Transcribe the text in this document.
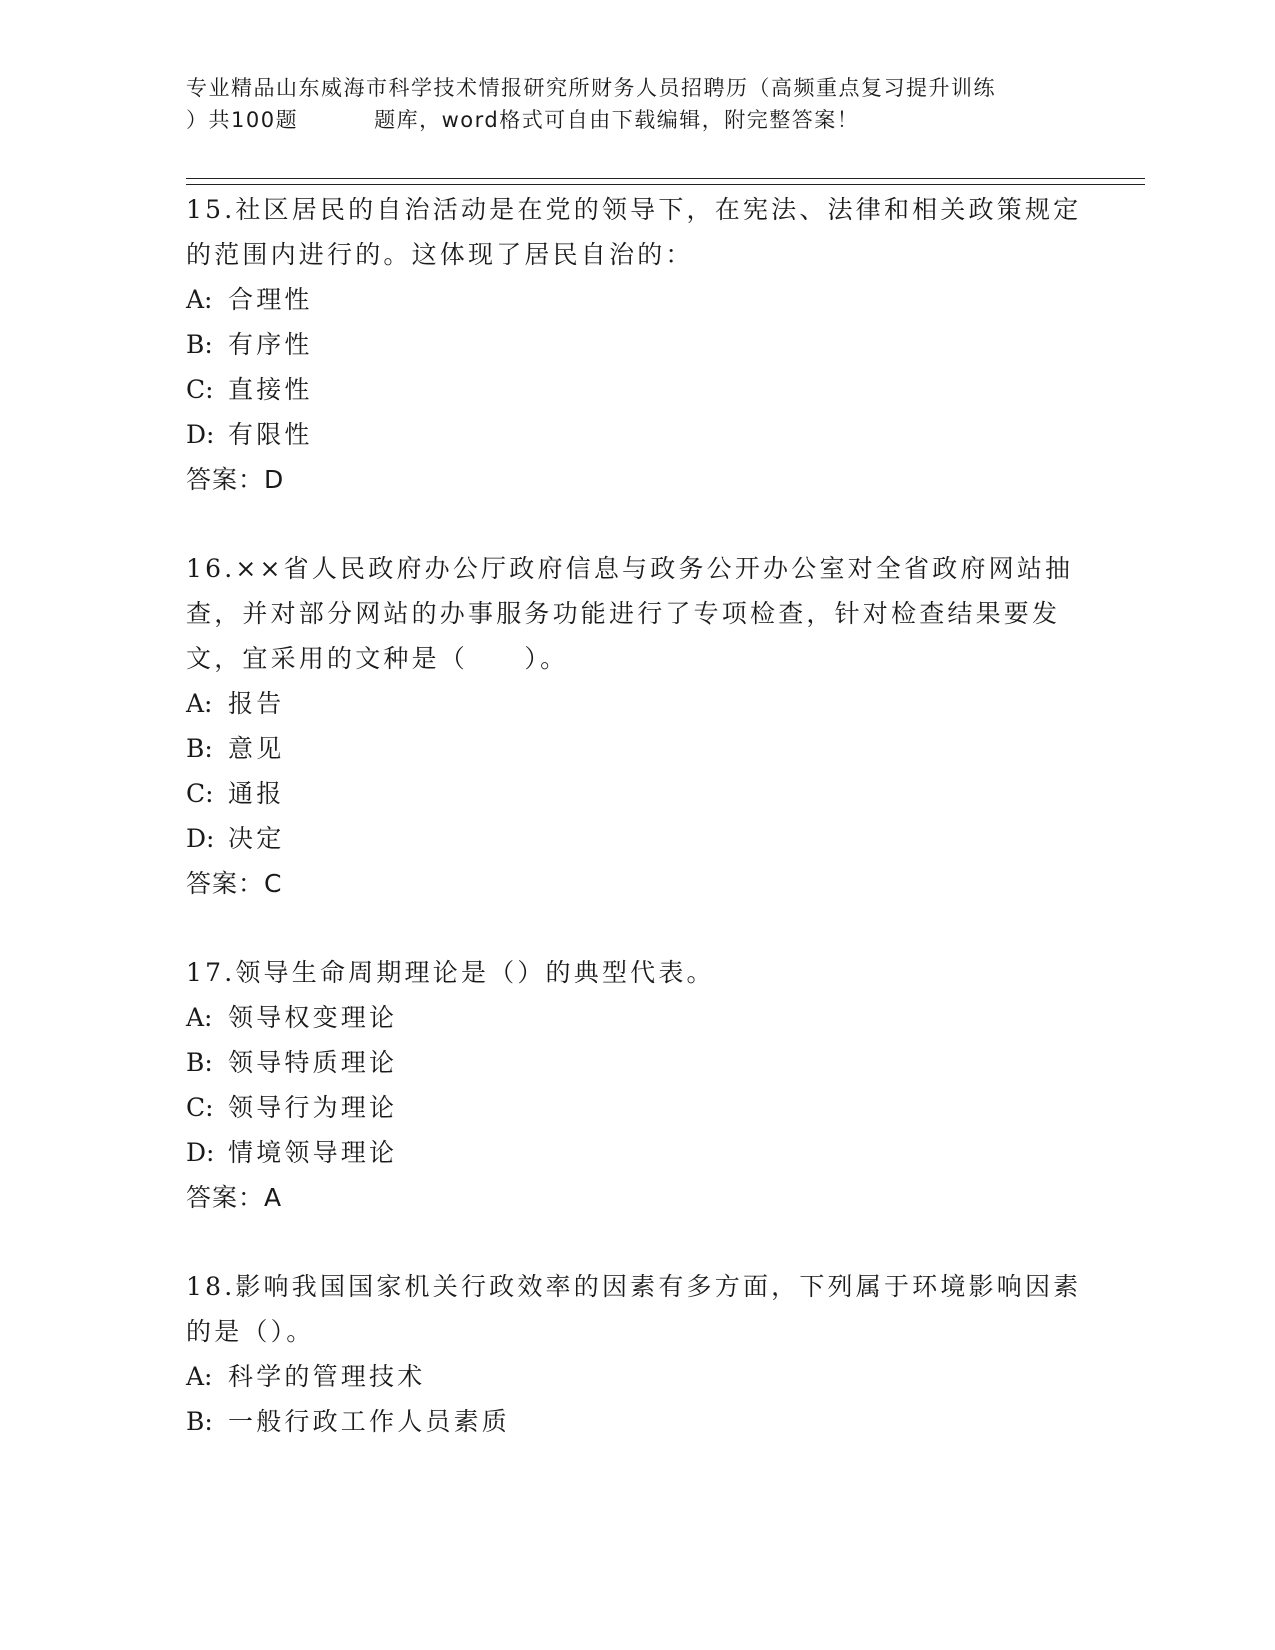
专业精品山东威海市科学技术情报研究所财务人员招聘历（高频重点复习提升训练
）共100题	题库，word格式可自由下载编辑，附完整答案！
15.社区居民的自治活动是在党的领导下，在宪法、法律和相关政策规定的范围内进行的。这体现了居民自治的：
A: 合理性
B: 有序性
C: 直接性
D: 有限性
答案：D
16.××省人民政府办公厅政府信息与政务公开办公室对全省政府网站抽查，并对部分网站的办事服务功能进行了专项检查，针对检查结果要发文，宜采用的文种是（　　）。
A: 报告
B: 意见
C: 通报
D: 决定
答案：C
17.领导生命周期理论是（）的典型代表。
A: 领导权变理论
B: 领导特质理论
C: 领导行为理论
D: 情境领导理论
答案：A
18.影响我国国家机关行政效率的因素有多方面，下列属于环境影响因素的是（）。
A: 科学的管理技术
B: 一般行政工作人员素质
